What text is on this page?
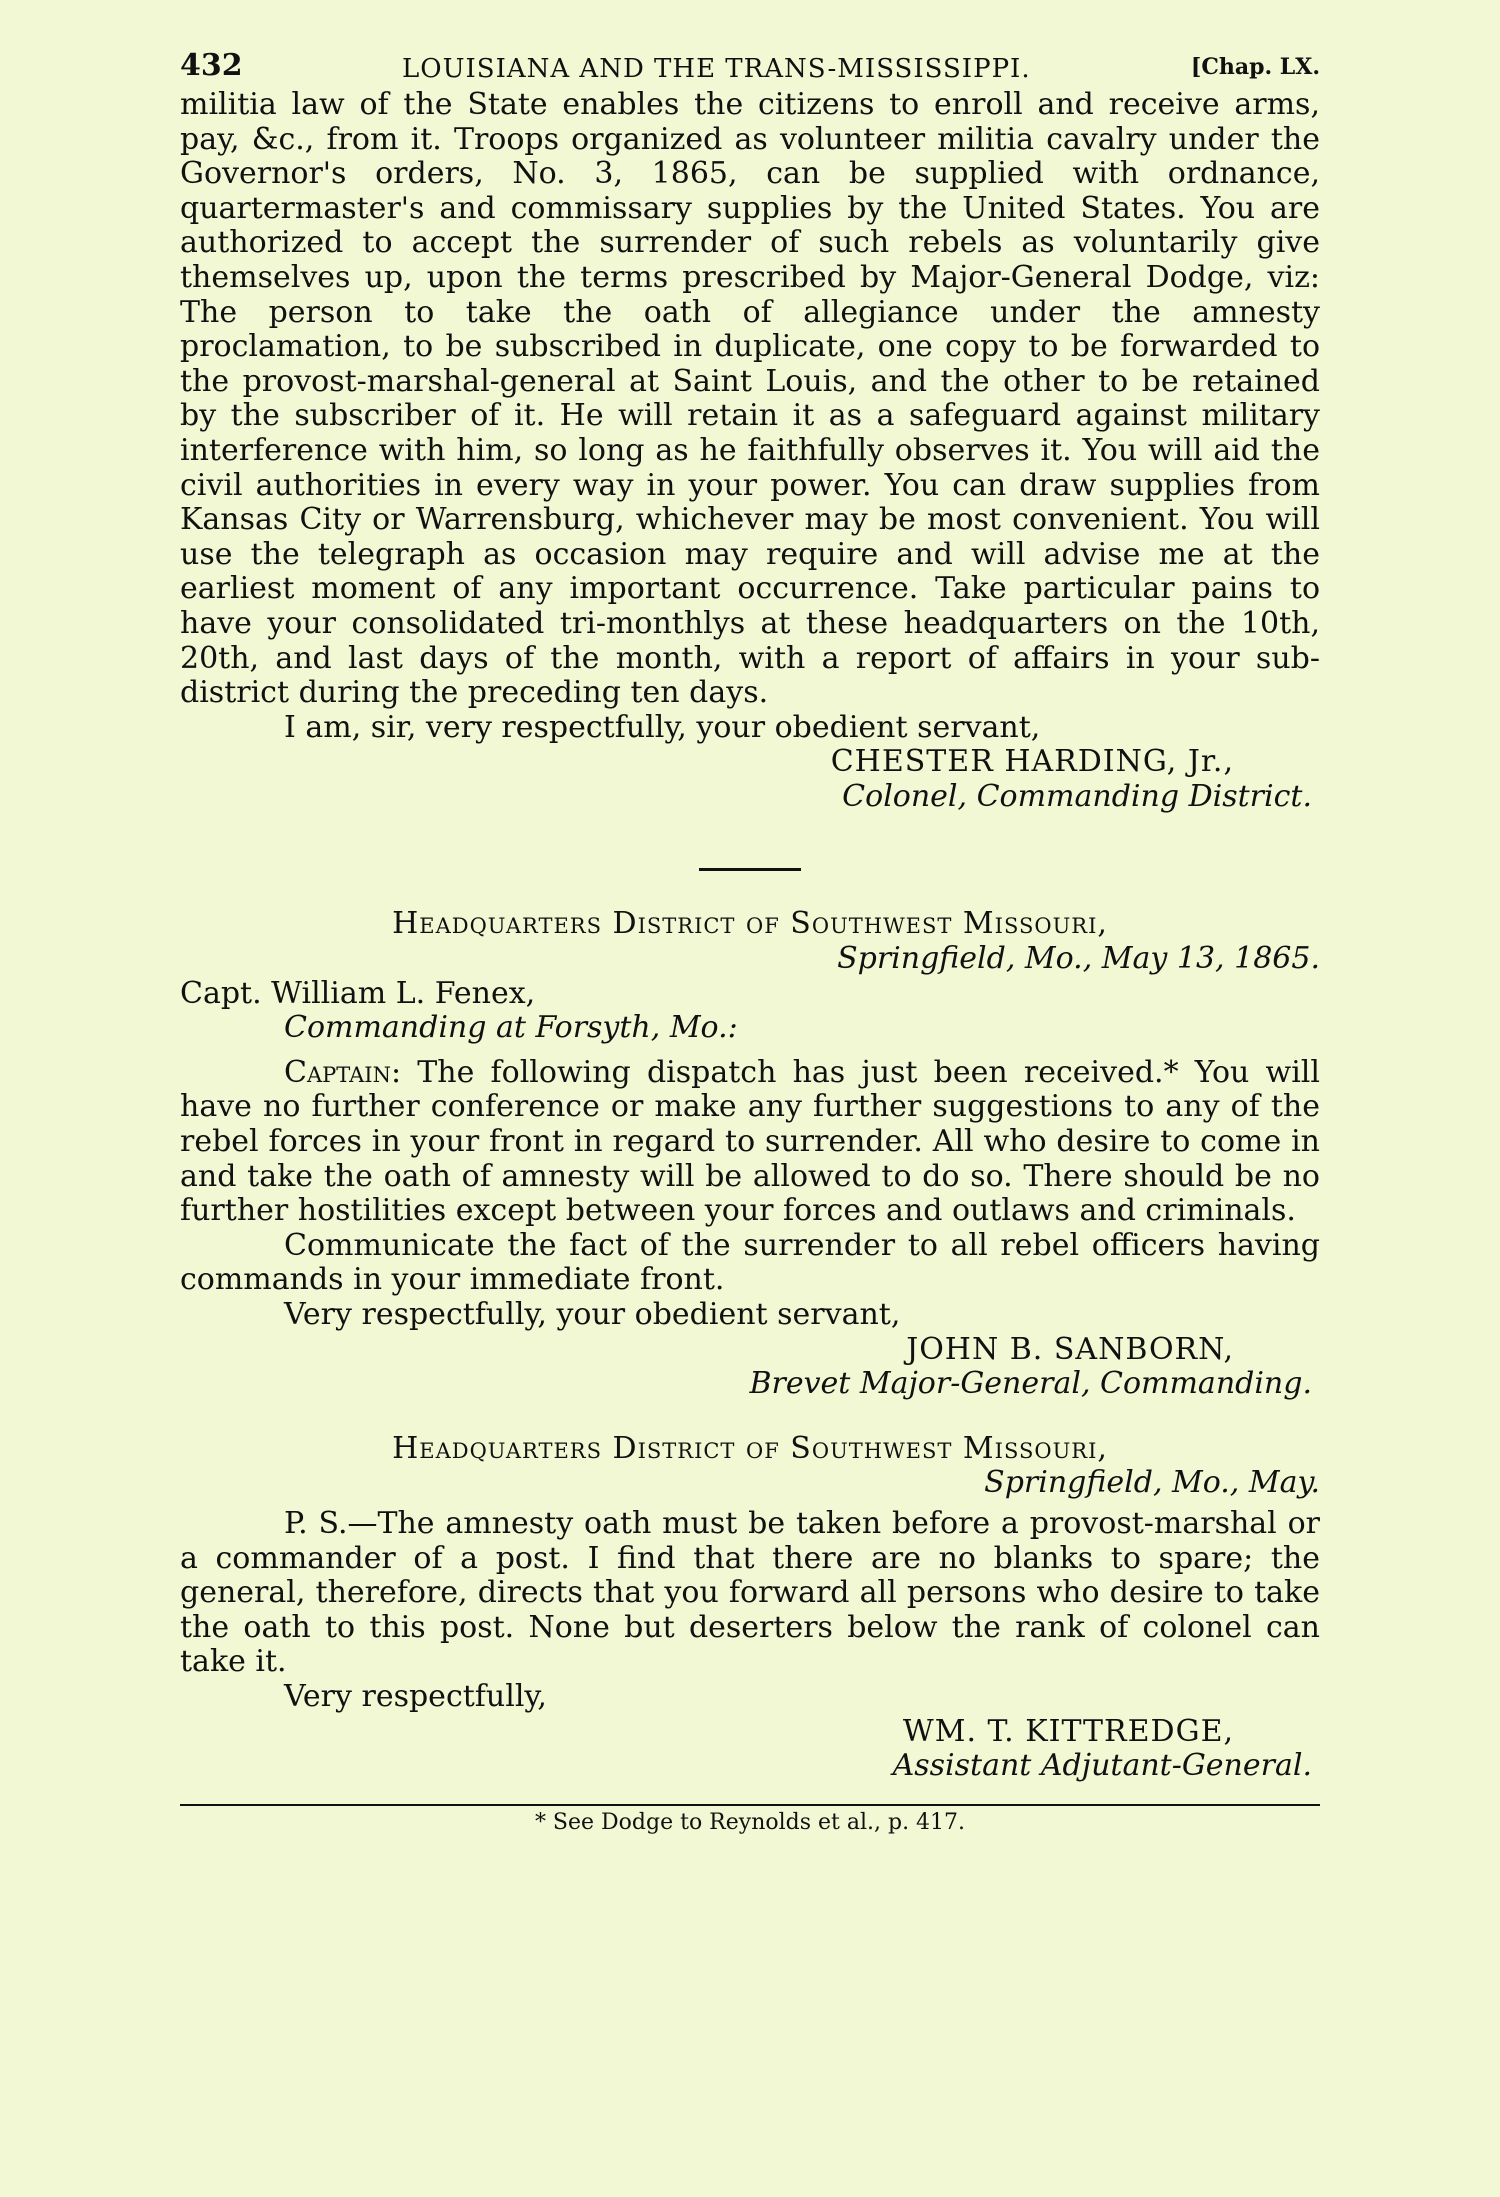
432	LOUISIANA AND THE TRANS-MISSISSIPPI.	[Chap. LX.

militia law of the State enables the citizens to enroll and receive arms, pay, &c., from it. Troops organized as volunteer militia cavalry under the Governor's orders, No. 3, 1865, can be supplied with ordnance, quartermaster's and commissary supplies by the United States. You are authorized to accept the surrender of such rebels as voluntarily give themselves up, upon the terms prescribed by Major-General Dodge, viz: The person to take the oath of allegiance under the amnesty proclamation, to be subscribed in duplicate, one copy to be forwarded to the provost-marshal-general at Saint Louis, and the other to be retained by the subscriber of it. He will retain it as a safeguard against military interference with him, so long as he faithfully observes it. You will aid the civil authorities in every way in your power. You can draw supplies from Kansas City or Warrensburg, whichever may be most convenient. You will use the telegraph as occasion may require and will advise me at the earliest moment of any important occurrence. Take particular pains to have your consolidated tri-monthlys at these headquarters on the 10th, 20th, and last days of the month, with a report of affairs in your sub-district during the preceding ten days.

I am, sir, very respectfully, your obedient servant,

CHESTER HARDING, Jr.,

Colonel, Commanding District.

Headquarters District of Southwest Missouri,

Springfield, Mo., May 13, 1865.

Capt. William L. Fenex,

Commanding at Forsyth, Mo.:

Captain: The following dispatch has just been received.* You will have no further conference or make any further suggestions to any of the rebel forces in your front in regard to surrender. All who desire to come in and take the oath of amnesty will be allowed to do so. There should be no further hostilities except between your forces and outlaws and criminals.

Communicate the fact of the surrender to all rebel officers having commands in your immediate front.

Very respectfully, your obedient servant,

JOHN B. SANBORN,

Brevet Major-General, Commanding.

Headquarters District of Southwest Missouri,

Springfield, Mo., May.

P. S.—The amnesty oath must be taken before a provost-marshal or a commander of a post. I find that there are no blanks to spare; the general, therefore, directs that you forward all persons who desire to take the oath to this post. None but deserters below the rank of colonel can take it.

Very respectfully,

WM. T. KITTREDGE,

Assistant Adjutant-General.

* See Dodge to Reynolds et al., p. 417.
